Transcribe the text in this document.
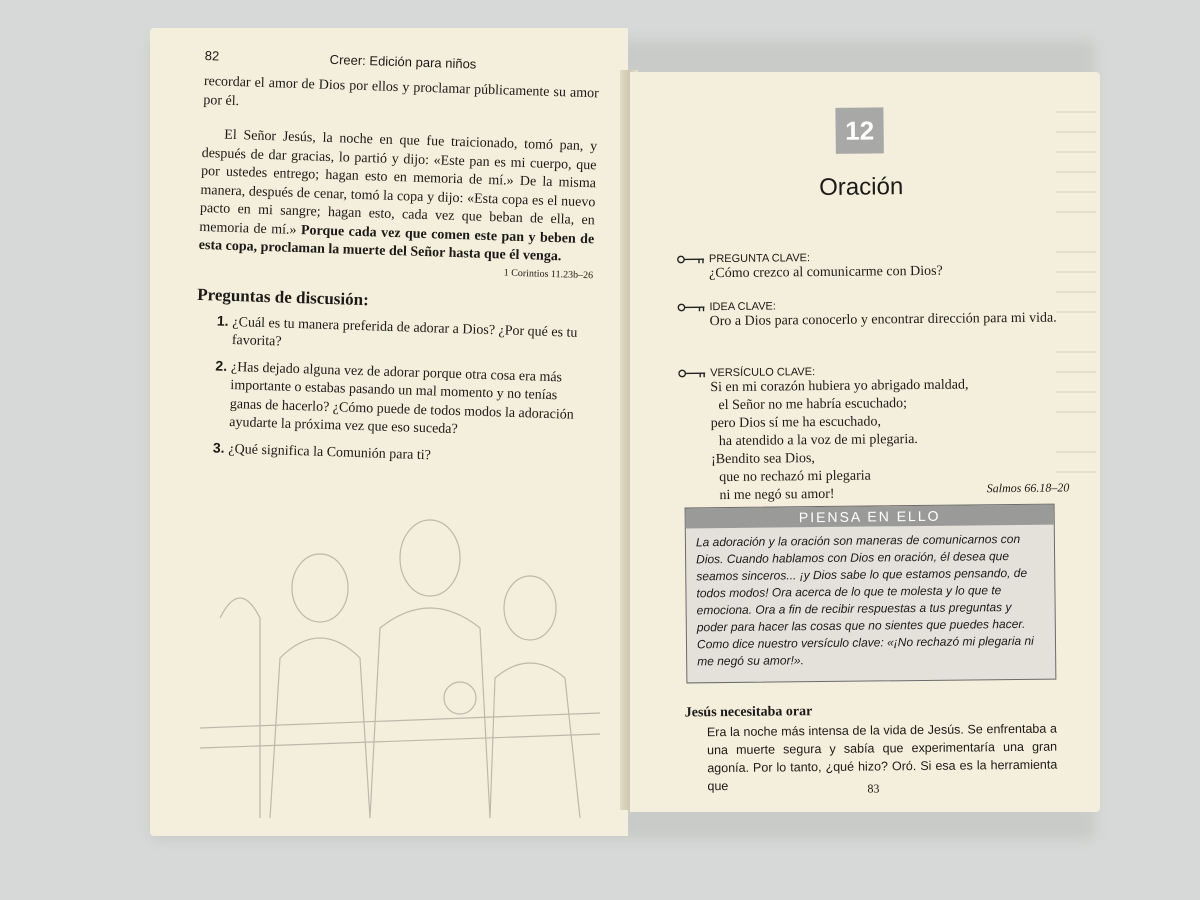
82	Creer: Edición para niños

recordar el amor de Dios por ellos y proclamar públicamente su amor por él.

El Señor Jesús, la noche en que fue traicionado, tomó pan, y después de dar gracias, lo partió y dijo: «Este pan es mi cuerpo, que por ustedes entrego; hagan esto en memoria de mí.» De la misma manera, después de cenar, tomó la copa y dijo: «Esta copa es el nuevo pacto en mi sangre; hagan esto, cada vez que beban de ella, en memoria de mí.» Porque cada vez que comen este pan y beben de esta copa, proclaman la muerte del Señor hasta que él venga.

1 Corintios 11.23b–26

Preguntas de discusión:
1. ¿Cuál es tu manera preferida de adorar a Dios? ¿Por qué es tu favorita?
2. ¿Has dejado alguna vez de adorar porque otra cosa era más importante o estabas pasando un mal momento y no tenías ganas de hacerlo? ¿Cómo puede de todos modos la adoración ayudarte la próxima vez que eso suceda?
3. ¿Qué significa la Comunión para ti?
12
Oración
PREGUNTA CLAVE:
¿Cómo crezco al comunicarme con Dios?
IDEA CLAVE:
Oro a Dios para conocerlo y encontrar dirección para mi vida.
VERSÍCULO CLAVE:
Si en mi corazón hubiera yo abrigado maldad,
el Señor no me habría escuchado;
pero Dios sí me ha escuchado,
ha atendido a la voz de mi plegaria.
¡Bendito sea Dios,
que no rechazó mi plegaria
ni me negó su amor!	Salmos 66.18–20
PIENSA EN ELLO
La adoración y la oración son maneras de comunicarnos con Dios. Cuando hablamos con Dios en oración, él desea que seamos sinceros... ¡y Dios sabe lo que estamos pensando, de todos modos! Ora acerca de lo que te molesta y lo que te emociona. Ora a fin de recibir respuestas a tus preguntas y poder para hacer las cosas que no sientes que puedes hacer. Como dice nuestro versículo clave: «¡No rechazó mi plegaria ni me negó su amor!».
Jesús necesitaba orar
Era la noche más intensa de la vida de Jesús. Se enfrentaba a una muerte segura y sabía que experimentaría una gran agonía. Por lo tanto, ¿qué hizo? Oró. Si esa es la herramienta que	83
